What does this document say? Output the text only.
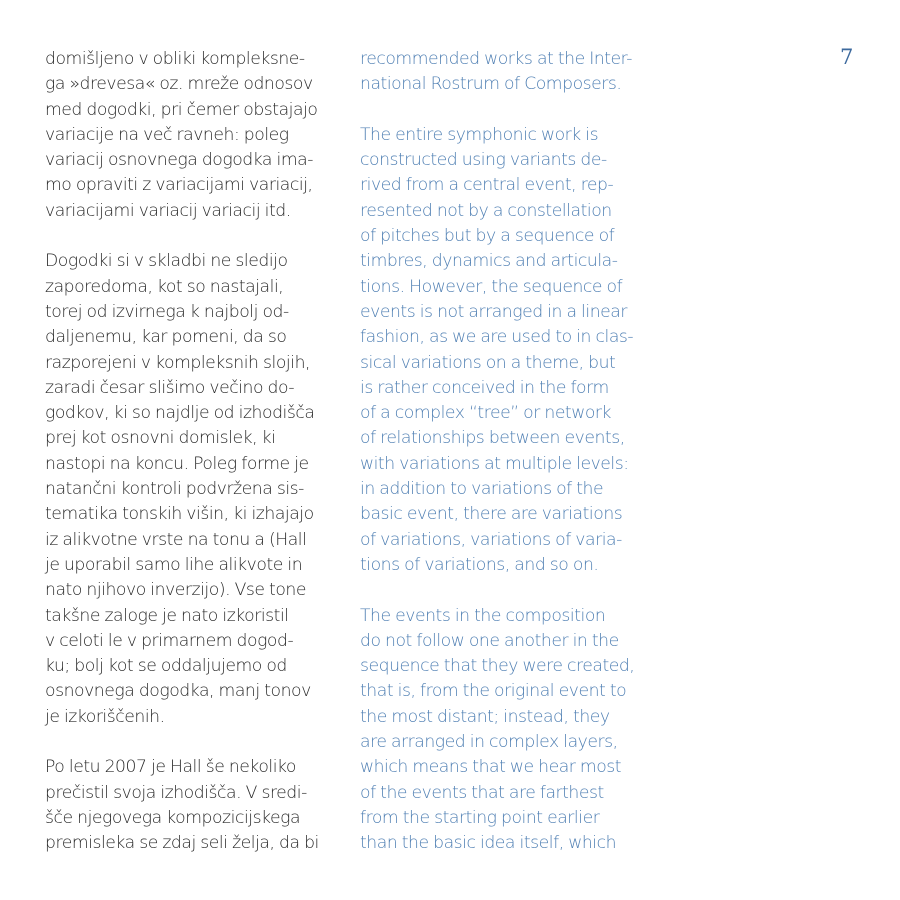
domišljeno v obliki kompleksne-
ga »drevesa« oz. mreže odnosov
med dogodki, pri čemer obstajajo
variacije na več ravneh: poleg
variacij osnovnega dogodka ima-
mo opraviti z variacijami variacij,
variacijami variacij variacij itd.
Dogodki si v skladbi ne sledijo
zaporedoma, kot so nastajali,
torej od izvirnega k najbolj od-
daljenemu, kar pomeni, da so
razporejeni v kompleksnih slojih,
zaradi česar slišimo večino do-
godkov, ki so najdlje od izhodišča
prej kot osnovni domislek, ki
nastopi na koncu. Poleg forme je
natančni kontroli podvržena sis-
tematika tonskih višin, ki izhajajo
iz alikvotne vrste na tonu a (Hall
je uporabil samo lihe alikvote in
nato njihovo inverzijo). Vse tone
takšne zaloge je nato izkoristil
v celoti le v primarnem dogod-
ku; bolj kot se oddaljujemo od
osnovnega dogodka, manj tonov
je izkoriščenih.
Po letu 2007 je Hall še nekoliko
prečistil svoja izhodišča. V sredi-
šče njegovega kompozicijskega
premisleka se zdaj seli želja, da bi
recommended works at the Inter-
national Rostrum of Composers.
The entire symphonic work is
constructed using variants de-
rived from a central event, rep-
resented not by a constellation
of pitches but by a sequence of
timbres, dynamics and articula-
tions. However, the sequence of
events is not arranged in a linear
fashion, as we are used to in clas-
sical variations on a theme, but
is rather conceived in the form
of a complex “tree” or network
of relationships between events,
with variations at multiple levels:
in addition to variations of the
basic event, there are variations
of variations, variations of varia-
tions of variations, and so on.
The events in the composition
do not follow one another in the
sequence that they were created,
that is, from the original event to
the most distant; instead, they
are arranged in complex layers,
which means that we hear most
of the events that are farthest
from the starting point earlier
than the basic idea itself, which
7
